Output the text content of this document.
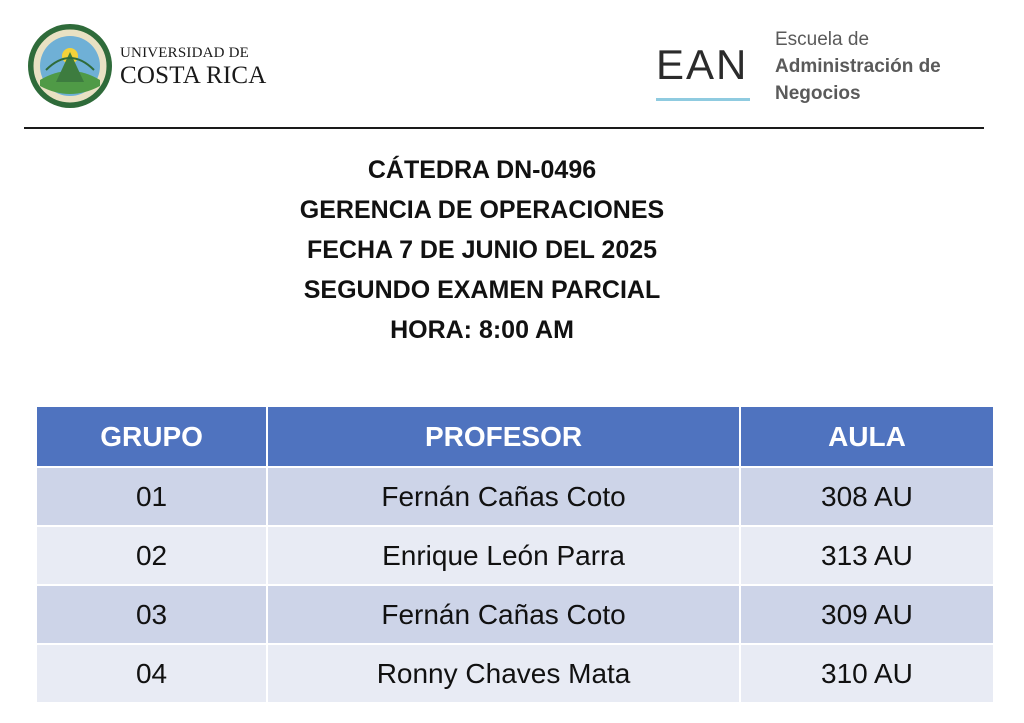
UNIVERSIDAD DE
COSTA RICA	EAN
Escuela de
Administración de
Negocios
CÁTEDRA DN-0496
GERENCIA DE OPERACIONES
FECHA 7 DE JUNIO DEL 2025
SEGUNDO EXAMEN PARCIAL
HORA: 8:00 AM
GRUPO	PROFESOR	AULA
01	Fernán Cañas Coto	308 AU
02	Enrique León Parra	313 AU
03	Fernán Cañas Coto	309 AU
04	Ronny Chaves Mata	310 AU
